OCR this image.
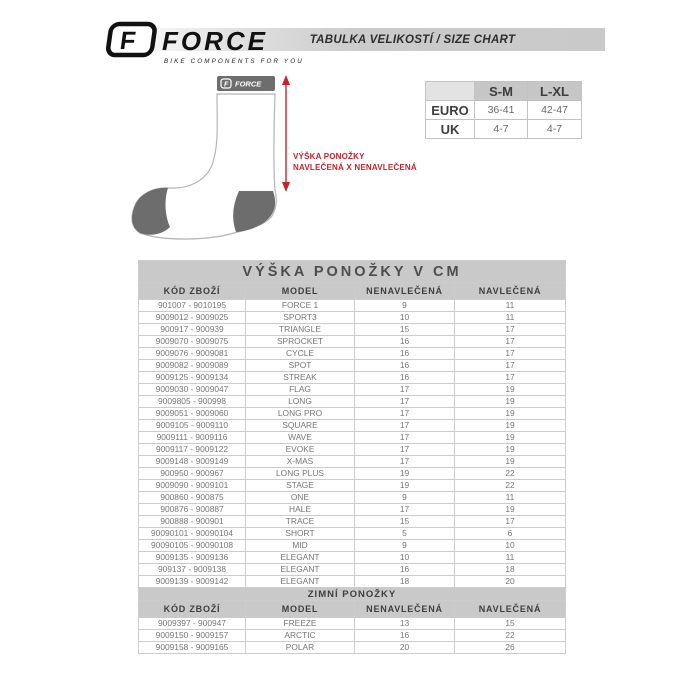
TABULKA VELIKOSTÍ / SIZE CHART
F FORCE
BIKE COMPONENTS FOR YOU
F FORCE
VÝŠKA PONOŽKY
NAVLEČENÁ X NENAVLEČENÁ
	S-M	L-XL
EURO	36-41	42-47
UK	4-7	4-7
VÝŠKA PONOŽKY V CM			
KÓD ZBOŽÍ	MODEL	NENAVLEČENÁ	NAVLEČENÁ
901007 - 9010195	FORCE 1	9	11
9009012 - 9009025	SPORT3	10	11
900917 - 900939	TRIANGLE	15	17
9009070 - 9009075	SPROCKET	16	17
9009076 - 9009081	CYCLE	16	17
9009082 - 9009089	SPOT	16	17
9009125 - 9009134	STREAK	16	17
9009030 - 9009047	FLAG	17	19
9009805 - 900998	LONG	17	19
9009051 - 9009060	LONG PRO	17	19
9009105 - 9009110	SQUARE	17	19
9009111 - 9009116	WAVE	17	19
9009117 - 9009122	EVOKE	17	19
9009148 - 9009149	X-MAS	17	19
900950 - 900967	LONG PLUS	19	22
9009090 - 9009101	STAGE	19	22
900860 - 900875	ONE	9	11
900876 - 900887	HALE	17	19
900888 - 900901	TRACE	15	17
90090101 - 90090104	SHORT	5	6
90090105 - 90090108	MID	9	10
9009135 - 9009136	ELEGANT	10	11
909137 - 9009138	ELEGANT	16	18
9009139 - 9009142	ELEGANT	18	20
ZIMNÍ PONOŽKY			
KÓD ZBOŽÍ	MODEL	NENAVLEČENÁ	NAVLEČENÁ
9009397 - 900947	FREEZE	13	15
9009150 - 9009157	ARCTIC	16	22
9009158 - 9009165	POLAR	20	26
